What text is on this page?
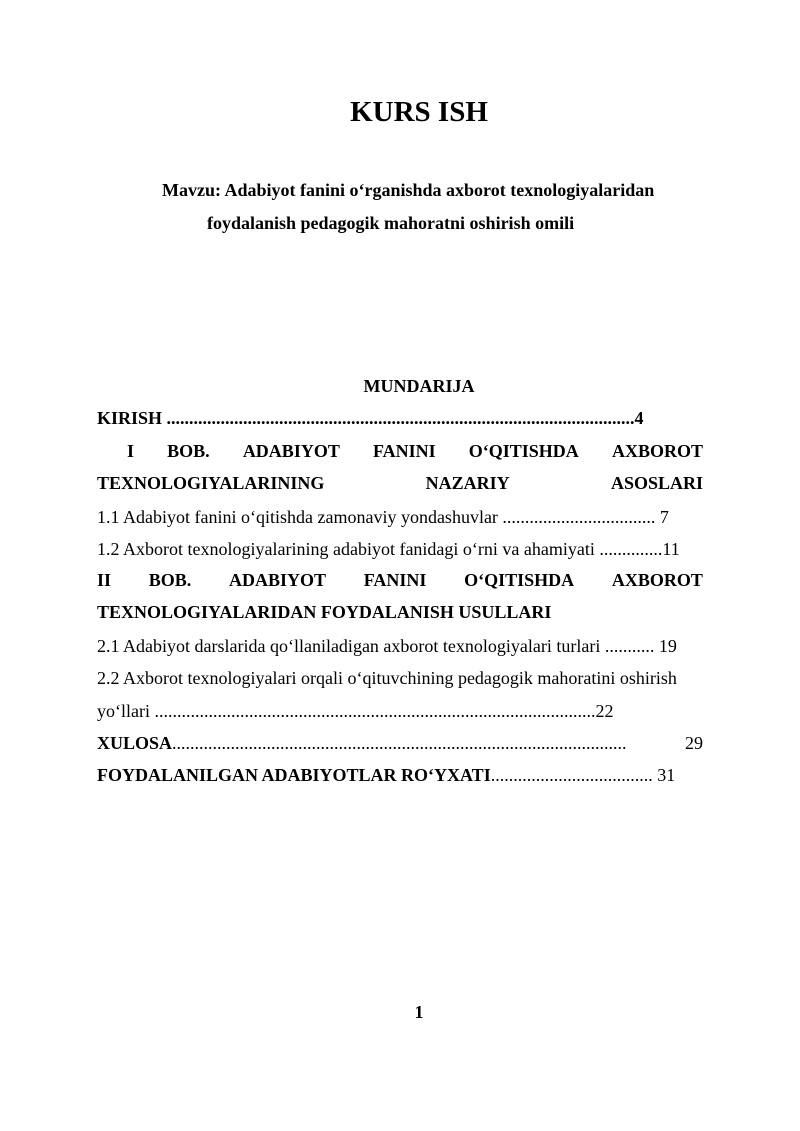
KURS ISH
Mavzu: Adabiyot fanini o‘rganishda axborot texnologiyalaridan
foydalanish pedagogik mahoratni oshirish omili
MUNDARIJA
KIRISH ........................................................................................................4
I BOB. ADABIYOT FANINI O‘QITISHDA AXBOROT
TEXNOLOGIYALARINING	NAZARIY	ASOSLARI
1.1 Adabiyot fanini o‘qitishda zamonaviy yondashuvlar .................................. 7
1.2 Axborot texnologiyalarining adabiyot fanidagi o‘rni va ahamiyati ..............11
II BOB. ADABIYOT FANINI O‘QITISHDA AXBOROT
TEXNOLOGIYALARIDAN FOYDALANISH USULLARI
2.1 Adabiyot darslarida qo‘llaniladigan axborot texnologiyalari turlari ........... 19
2.2 Axborot texnologiyalari orqali o‘qituvchining pedagogik mahoratini oshirish
yo‘llari ..................................................................................................22
XULOSA.....................................................................................................	29
FOYDALANILGAN ADABIYOTLAR RO‘YXATI.................................... 31
1
